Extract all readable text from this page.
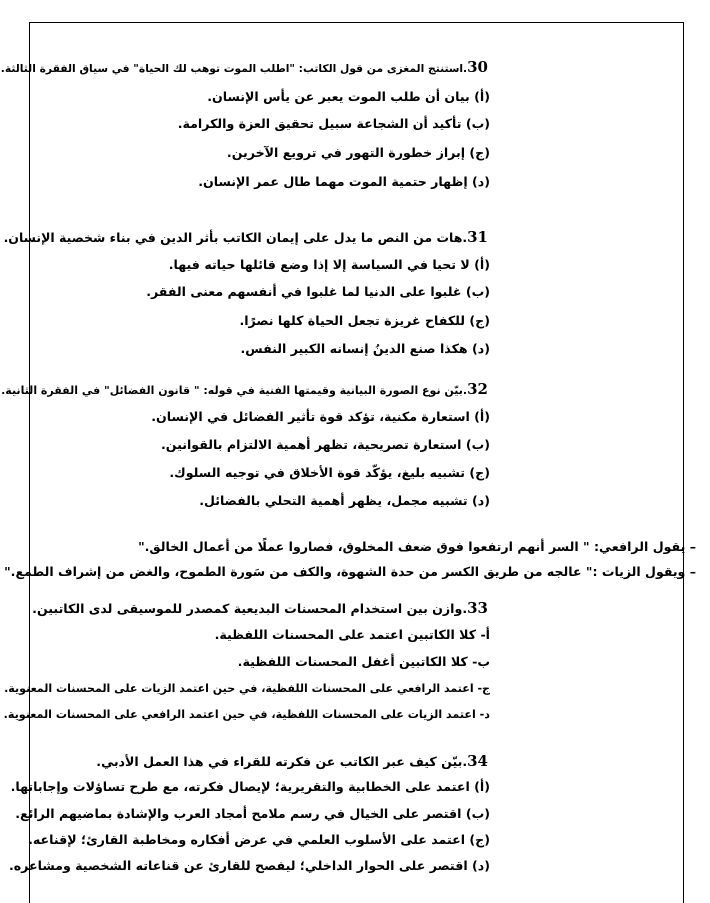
30.استنتج المغزى من قول الكاتب: "اطلب الموت توهب لك الحياة" في سياق الفقرة الثالثة.
(أ) بيان أن طلب الموت يعبر عن يأس الإنسان.
(ب) تأكيد أن الشجاعة سبيل تحقيق العزة والكرامة.
(ج) إبراز خطورة التهور في ترويع الآخرين.
(د) إظهار حتمية الموت مهما طال عمر الإنسان.
31.هات من النص ما يدل على إيمان الكاتب بأثر الدين في بناء شخصية الإنسان.
(أ) لا تحيا في السياسة إلا إذا وضع قائلها حياته فيها.
(ب) غلبوا على الدنيا لما غلبوا في أنفسهم معنى الفقر.
(ج) للكفاح غريزة تجعل الحياة كلها نصرًا.
(د) هكذا صنع الدينُ إنسانه الكبير النفس.
32.بيّن نوع الصورة البيانية وقيمتها الفنية في قوله: " قانون الفضائل" في الفقرة الثانية.
(أ) استعارة مكنية، تؤكد قوة تأثير الفضائل في الإنسان.
(ب) استعارة تصريحية، تظهر أهمية الالتزام بالقوانين.
(ج) تشبيه بليغ، يؤكّد قوة الأخلاق في توجيه السلوك.
(د) تشبيه مجمل، يظهر أهمية التحلي بالفضائل.
– يقول الرافعي: " السر أنهم ارتفعوا فوق ضعف المخلوق، فصاروا عملًا من أعمال الخالق."
– ويقول الزيات :" عالجه من طريق الكسر من حدة الشهوة، والكف من سَورة الطموح، والغض من إشراف الطمع."
33.وازن بين استخدام المحسنات البديعية كمصدر للموسيقى لدى الكاتبين.
أ- كلا الكاتبين اعتمد على المحسنات اللفظية.
ب- كلا الكاتبين أغفل المحسنات اللفظية.
ج- اعتمد الرافعي على المحسنات اللفظية، في حين اعتمد الزيات على المحسنات المعنوية.
د- اعتمد الزيات على المحسنات اللفظية، في حين اعتمد الرافعي على المحسنات المعنوية.
34.بيّن كيف عبر الكاتب عن فكرته للقراء في هذا العمل الأدبي.
(أ) اعتمد على الخطابية والتقريرية؛ لإيصال فكرته، مع طرح تساؤلات وإجاباتها.
(ب) اقتصر على الخيال في رسم ملامح أمجاد العرب والإشادة بماضيهم الرائع.
(ج) اعتمد على الأسلوب العلمي في عرض أفكاره ومخاطبة القارئ؛ لإقناعه.
(د) اقتصر على الحوار الداخلي؛ ليفصح للقارئ عن قناعاته الشخصية ومشاعره.
